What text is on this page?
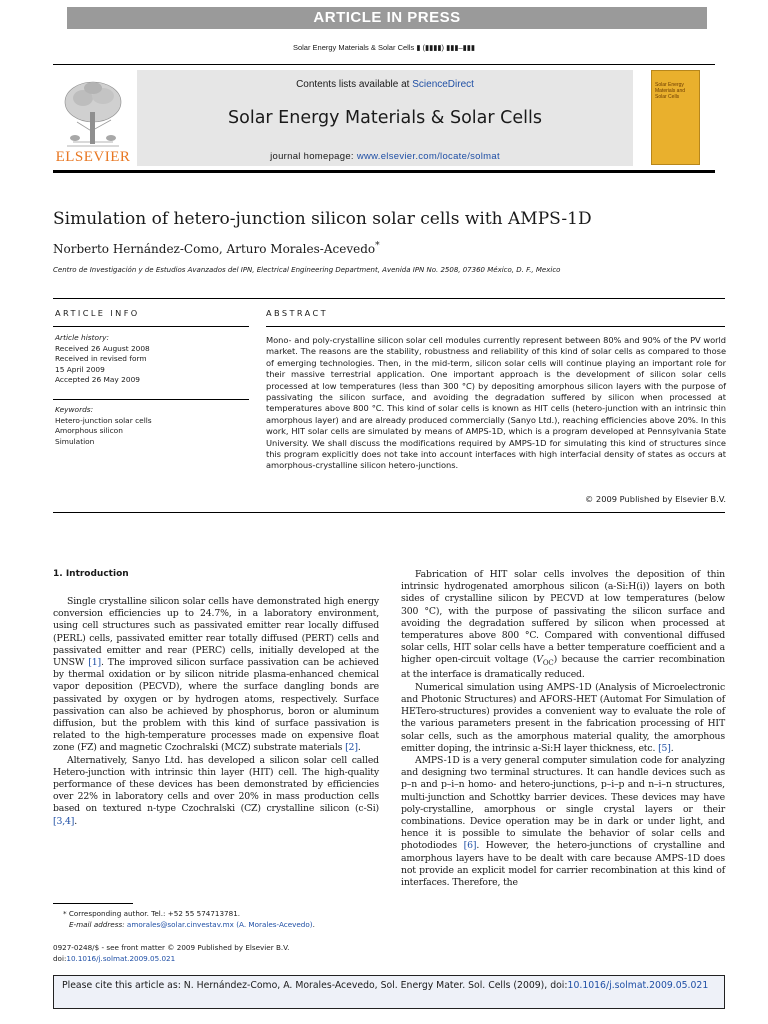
ARTICLE IN PRESS
Solar Energy Materials & Solar Cells ▮ (▮▮▮▮) ▮▮▮–▮▮▮
ELSEVIER
Contents lists available at ScienceDirect
Solar Energy Materials & Solar Cells
journal homepage: www.elsevier.com/locate/solmat
Solar Energy Materials and Solar Cells
Simulation of hetero-junction silicon solar cells with AMPS-1D
Norberto Hernández-Como, Arturo Morales-Acevedo*
Centro de Investigación y de Estudios Avanzados del IPN, Electrical Engineering Department, Avenida IPN No. 2508, 07360 México, D. F., Mexico
ARTICLE INFO
Article history:
Received 26 August 2008
Received in revised form
15 April 2009
Accepted 26 May 2009
Keywords:
Hetero-junction solar cells
Amorphous silicon
Simulation
ABSTRACT
Mono- and poly-crystalline silicon solar cell modules currently represent between 80% and 90% of the PV world market. The reasons are the stability, robustness and reliability of this kind of solar cells as compared to those of emerging technologies. Then, in the mid-term, silicon solar cells will continue playing an important role for their massive terrestrial application. One important approach is the development of silicon solar cells processed at low temperatures (less than 300 °C) by depositing amorphous silicon layers with the purpose of passivating the silicon surface, and avoiding the degradation suffered by silicon when processed at temperatures above 800 °C. This kind of solar cells is known as HIT cells (hetero-junction with an intrinsic thin amorphous layer) and are already produced commercially (Sanyo Ltd.), reaching efficiencies above 20%. In this work, HIT solar cells are simulated by means of AMPS-1D, which is a program developed at Pennsylvania State University. We shall discuss the modifications required by AMPS-1D for simulating this kind of structures since this program explicitly does not take into account interfaces with high interfacial density of states as occurs at amorphous-crystalline silicon hetero-junctions.
© 2009 Published by Elsevier B.V.
1. Introduction

Single crystalline silicon solar cells have demonstrated high energy conversion efficiencies up to 24.7%, in a laboratory environment, using cell structures such as passivated emitter rear locally diffused (PERL) cells, passivated emitter rear totally diffused (PERT) cells and passivated emitter and rear (PERC) cells, initially developed at the UNSW [1]. The improved silicon surface passivation can be achieved by thermal oxidation or by silicon nitride plasma-enhanced chemical vapor deposition (PECVD), where the surface dangling bonds are passivated by oxygen or by hydrogen atoms, respectively. Surface passivation can also be achieved by phosphorus, boron or aluminum diffusion, but the problem with this kind of surface passivation is related to the high-temperature processes made on expensive float zone (FZ) and magnetic Czochralski (MCZ) substrate materials [2].

Alternatively, Sanyo Ltd. has developed a silicon solar cell called Hetero-junction with intrinsic thin layer (HIT) cell. The high-quality performance of these devices has been demonstrated by efficiencies over 22% in laboratory cells and over 20% in mass production cells based on textured n-type Czochralski (CZ) crystalline silicon (c-Si) [3,4].

Fabrication of HIT solar cells involves the deposition of thin intrinsic hydrogenated amorphous silicon (a-Si:H(i)) layers on both sides of crystalline silicon by PECVD at low temperatures (below 300 °C), with the purpose of passivating the silicon surface and avoiding the degradation suffered by silicon when processed at temperatures above 800 °C. Compared with conventional diffused solar cells, HIT solar cells have a better temperature coefficient and a higher open-circuit voltage $(V_{OC})$ because the carrier recombination at the interface is dramatically reduced.

Numerical simulation using AMPS-1D (Analysis of Microelectronic and Photonic Structures) and AFORS-HET (Automat For Simulation of HETero-structures) provides a convenient way to evaluate the role of the various parameters present in the fabrication processing of HIT solar cells, such as the amorphous material quality, the amorphous emitter doping, the intrinsic a-Si:H layer thickness, etc. [5].

AMPS-1D is a very general computer simulation code for analyzing and designing two terminal structures. It can handle devices such as p–n and p–i–n homo- and hetero-junctions, p–i–p and n–i–n structures, multi-junction and Schottky barrier devices. These devices may have poly-crystalline, amorphous or single crystal layers or their combinations. Device operation may be in dark or under light, and hence it is possible to simulate the behavior of solar cells and photodiodes [6]. However, the hetero-junctions of crystalline and amorphous layers have to be dealt with care because AMPS-1D does not provide an explicit model for carrier recombination at this kind of interfaces. Therefore, the

* Corresponding author. Tel.: +52 55 574713781.
E-mail address: amorales@solar.cinvestav.mx (A. Morales-Acevedo).
0927-0248/$ - see front matter © 2009 Published by Elsevier B.V.
doi:10.1016/j.solmat.2009.05.021
Please cite this article as: N. Hernández-Como, A. Morales-Acevedo, Sol. Energy Mater. Sol. Cells (2009), doi:10.1016/j.solmat.2009.05.021
